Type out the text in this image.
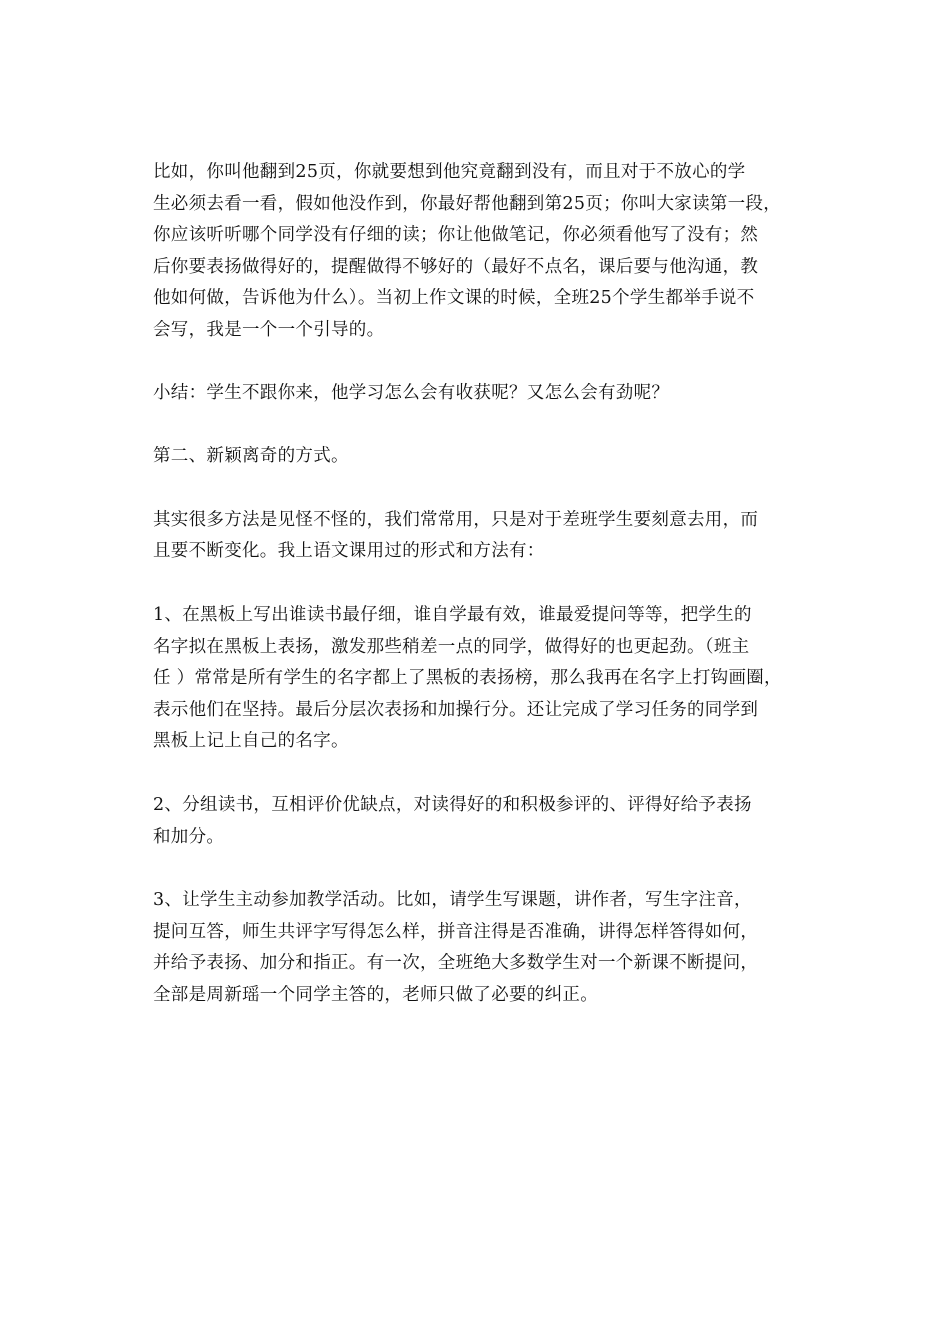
比如，你叫他翻到25页，你就要想到他究竟翻到没有，而且对于不放心的学
生必须去看一看，假如他没作到，你最好帮他翻到第25页；你叫大家读第一段，
你应该听听哪个同学没有仔细的读；你让他做笔记，你必须看他写了没有；然
后你要表扬做得好的，提醒做得不够好的（最好不点名，课后要与他沟通，教
他如何做，告诉他为什么）。当初上作文课的时候，全班25个学生都举手说不
会写，我是一个一个引导的。

小结：学生不跟你来，他学习怎么会有收获呢？又怎么会有劲呢？

第二、新颖离奇的方式。

其实很多方法是见怪不怪的，我们常常用，只是对于差班学生要刻意去用，而
且要不断变化。我上语文课用过的形式和方法有：

1、在黑板上写出谁读书最仔细，谁自学最有效，谁最爱提问等等，把学生的
名字拟在黑板上表扬，激发那些稍差一点的同学，做得好的也更起劲。（班主
任 ）常常是所有学生的名字都上了黑板的表扬榜，那么我再在名字上打钩画圈，
表示他们在坚持。最后分层次表扬和加操行分。还让完成了学习任务的同学到
黑板上记上自己的名字。

2、分组读书，互相评价优缺点，对读得好的和积极参评的、评得好给予表扬
和加分。

3、让学生主动参加教学活动。比如，请学生写课题，讲作者，写生字注音，
提问互答，师生共评字写得怎么样，拼音注得是否准确，讲得怎样答得如何，
并给予表扬、加分和指正。有一次，全班绝大多数学生对一个新课不断提问，
全部是周新瑶一个同学主答的，老师只做了必要的纠正。
